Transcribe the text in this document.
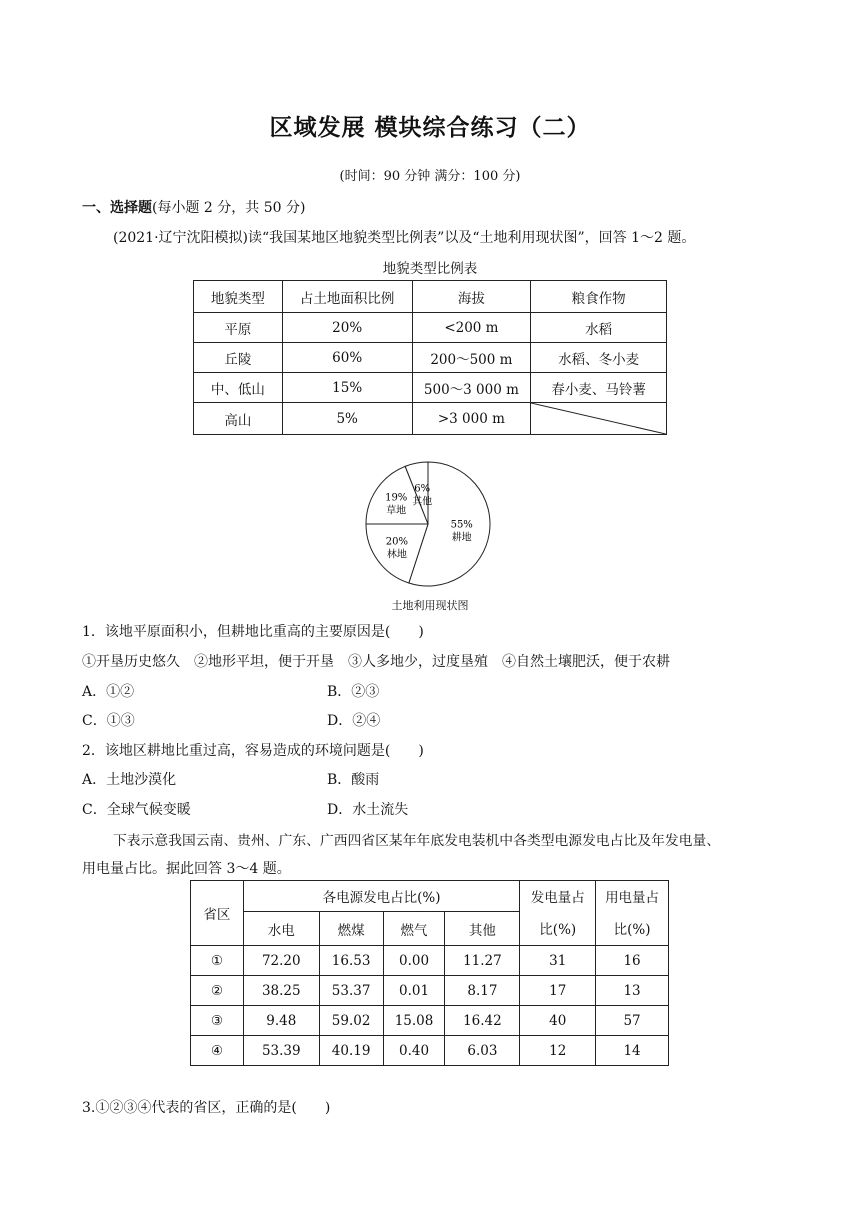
区域发展 模块综合练习（二）
(时间：90 分钟 满分：100 分)
一、选择题(每小题 2 分，共 50 分)
(2021·辽宁沈阳模拟)读“我国某地区地貌类型比例表”以及“土地利用现状图”，回答 1～2 题。
地貌类型比例表
地貌类型	占土地面积比例	海拔	粮食作物
平原	20%	<200 m	水稻
丘陵	60%	200～500 m	水稻、冬小麦
中、低山	15%	500～3 000 m	春小麦、马铃薯
高山	5%	>3 000 m	
55%
耕地
20%
林地
19%
草地
6%
其他
土地利用现状图
1．该地平原面积小，但耕地比重高的主要原因是(　　)
①开垦历史悠久　②地形平坦，便于开垦　③人多地少，过度垦殖　④自然土壤肥沃，便于农耕
A．①②	B．②③
C．①③	D．②④
2．该地区耕地比重过高，容易造成的环境问题是(　　)
A．土地沙漠化	B．酸雨
C．全球气候变暖	D．水土流失
下表示意我国云南、贵州、广东、广西四省区某年年底发电装机中各类型电源发电占比及年发电量、
用电量占比。据此回答 3～4 题。
省区	各电源发电占比(%)				发电量占	用电量占
	水电	燃煤	燃气	其他	比(%)	比(%)
①	72.20	16.53	0.00	11.27	31	16
②	38.25	53.37	0.01	8.17	17	13
③	9.48	59.02	15.08	16.42	40	57
④	53.39	40.19	0.40	6.03	12	14
3.①②③④代表的省区，正确的是(　　)
